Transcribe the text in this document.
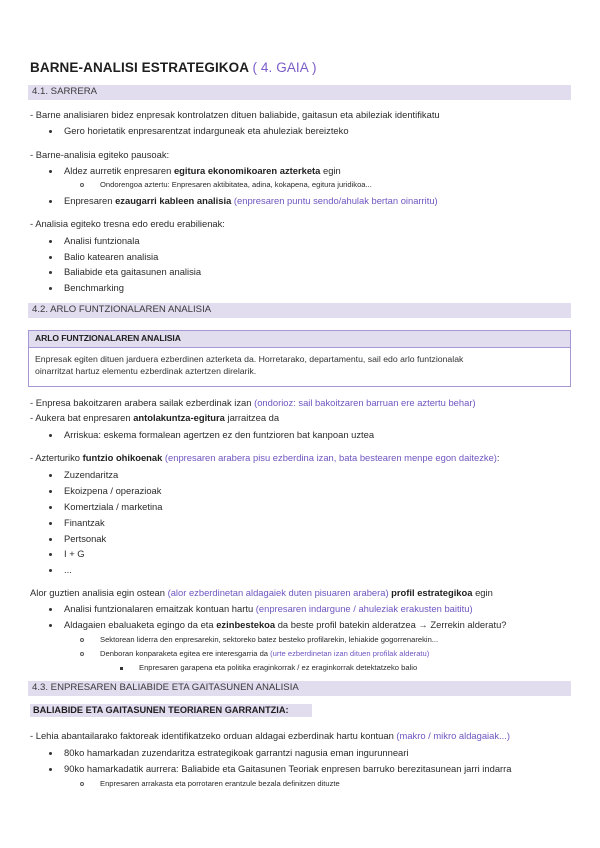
BARNE-ANALISI ESTRATEGIKOA ( 4. GAIA )
4.1. SARRERA
- Barne analisiaren bidez enpresak kontrolatzen dituen baliabide, gaitasun eta abileziak identifikatu
Gero horietatik enpresarentzat indarguneak eta ahuleziak bereizteko
- Barne-analisia egiteko pausoak:
Aldez aurretik enpresaren egitura ekonomikoaren azterketa egin
Ondorengoa aztertu: Enpresaren aktibitatea, adina, kokapena, egitura juridikoa...
Enpresaren ezaugarri kableen analisia (enpresaren puntu sendo/ahulak bertan oinarritu)
- Analisia egiteko tresna edo eredu erabilienak:
Analisi funtzionala
Balio katearen analisia
Baliabide eta gaitasunen analisia
Benchmarking
4.2. ARLO FUNTZIONALAREN ANALISIA
ARLO FUNTZIONALAREN ANALISIA
Enpresak egiten dituen jarduera ezberdinen azterketa da. Horretarako, departamentu, sail edo arlo funtzionalak
oinarritzat hartuz elementu ezberdinak aztertzen direlarik.
- Enpresa bakoitzaren arabera sailak ezberdinak izan (ondorioz: sail bakoitzaren barruan ere aztertu behar)
- Aukera bat enpresaren antolakuntza-egitura jarraitzea da
Arriskua: eskema formalean agertzen ez den funtzioren bat kanpoan uztea
- Azterturiko funtzio ohikoenak (enpresaren arabera pisu ezberdina izan, bata bestearen menpe egon daitezke):
Zuzendaritza
Ekoizpena / operazioak
Komertziala / marketina
Finantzak
Pertsonak
I + G
...
Alor guztien analisia egin ostean (alor ezberdinetan aldagaiek duten pisuaren arabera) profil estrategikoa egin
Analisi funtzionalaren emaitzak kontuan hartu (enpresaren indargune / ahuleziak erakusten baititu)
Aldagaien ebaluaketa egingo da eta ezinbestekoa da beste profil batekin alderatzea → Zerrekin alderatu?
Sektorean liderra den enpresarekin, sektoreko batez besteko profilarekin, lehiakide gogorrenarekin...
Denboran konparaketa egitea ere interesgarria da (urte ezberdinetan izan dituen profilak alderatu)
Enpresaren garapena eta politika eraginkorrak / ez eraginkorrak detektatzeko balio
4.3. ENPRESAREN BALIABIDE ETA GAITASUNEN ANALISIA
BALIABIDE ETA GAITASUNEN TEORIAREN GARRANTZIA:
- Lehia abantailarako faktoreak identifikatzeko orduan aldagai ezberdinak hartu kontuan (makro / mikro aldagaiak...)
80ko hamarkadan zuzendaritza estrategikoak garrantzi nagusia eman ingurunneari
90ko hamarkadatik aurrera: Baliabide eta Gaitasunen Teoriak enpresen barruko berezitasunean jarri indarra
Enpresaren arrakasta eta porrotaren erantzule bezala definitzen dituzte
